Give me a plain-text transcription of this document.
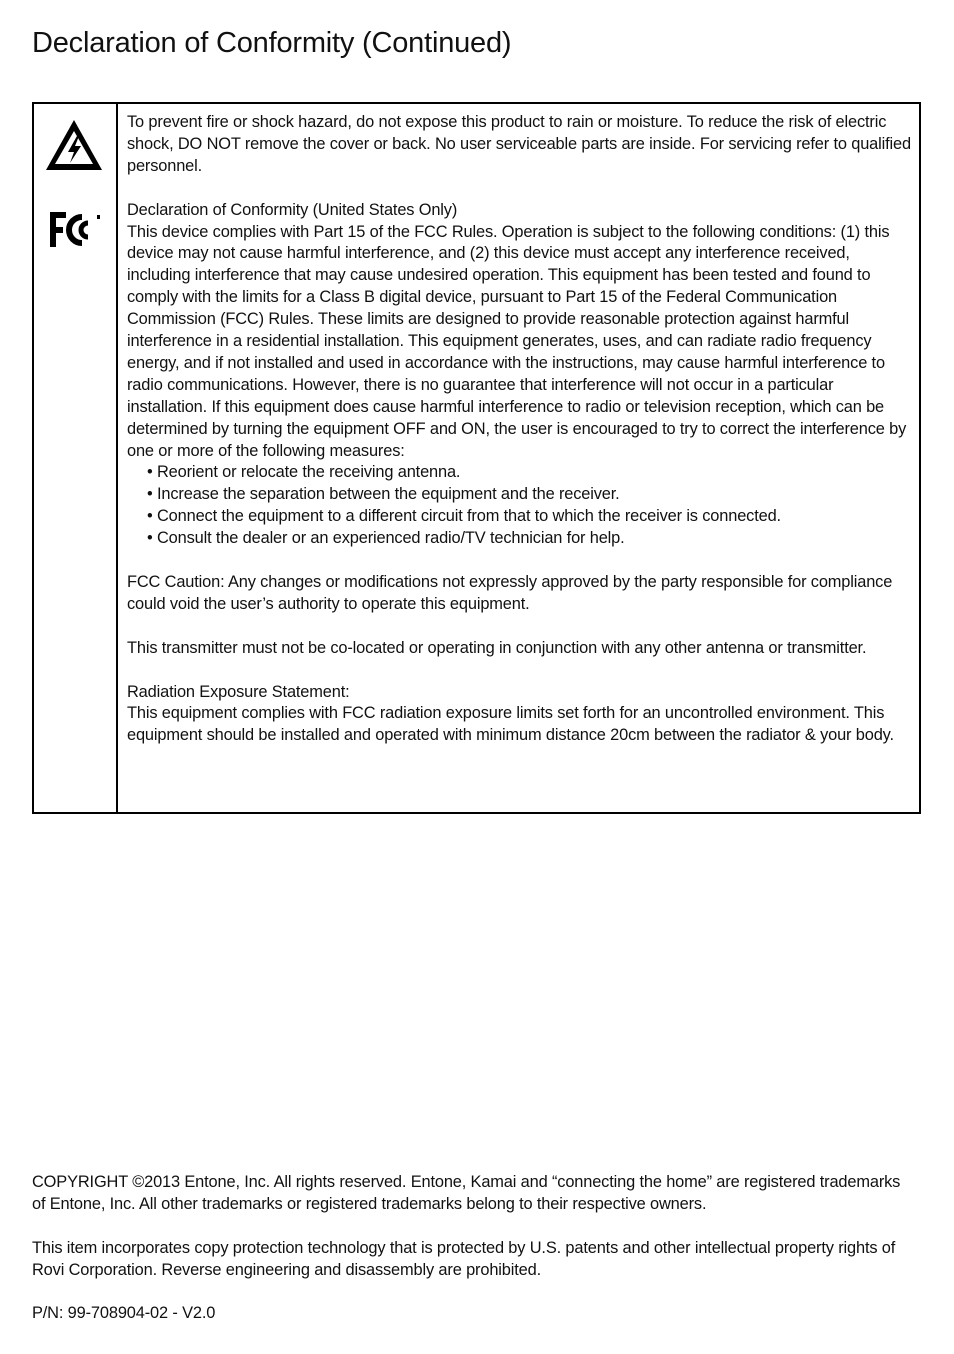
Declaration of Conformity (Continued)

To prevent fire or shock hazard, do not expose this product to rain or moisture. To reduce the risk of electric shock, DO NOT remove the cover or back. No user serviceable parts are inside. For servicing refer to qualified personnel.

Declaration of Conformity (United States Only)

This device complies with Part 15 of the FCC Rules. Operation is subject to the following conditions: (1) this device may not cause harmful interference, and (2) this device must accept any interference received, including interference that may cause undesired operation. This equipment has been tested and found to comply with the limits for a Class B digital device, pursuant to Part 15 of the Federal Communication Commission (FCC) Rules. These limits are designed to provide reasonable protection against harmful interference in a residential installation. This equipment generates, uses, and can radiate radio frequency energy, and if not installed and used in accordance with the instructions, may cause harmful interference to radio communications. However, there is no guarantee that interference will not occur in a particular installation. If this equipment does cause harmful interference to radio or television reception, which can be determined by turning the equipment OFF and ON, the user is encouraged to try to correct the interference by one or more of the following measures:

• Reorient or relocate the receiving antenna.
• Increase the separation between the equipment and the receiver.
• Connect the equipment to a different circuit from that to which the receiver is connected.
• Consult the dealer or an experienced radio/TV technician for help.

FCC Caution: Any changes or modifications not expressly approved by the party responsible for compliance could void the user’s authority to operate this equipment.

This transmitter must not be co-located or operating in conjunction with any other antenna or transmitter.

Radiation Exposure Statement:

This equipment complies with FCC radiation exposure limits set forth for an uncontrolled environment. This equipment should be installed and operated with minimum distance 20cm between the radiator & your body.

COPYRIGHT ©2013 Entone, Inc. All rights reserved. Entone, Kamai and “connecting the home” are registered trademarks of Entone, Inc. All other trademarks or registered trademarks belong to their respective owners.

This item incorporates copy protection technology that is protected by U.S. patents and other intellectual property rights of Rovi Corporation. Reverse engineering and disassembly are prohibited.

P/N: 99-708904-02 - V2.0
